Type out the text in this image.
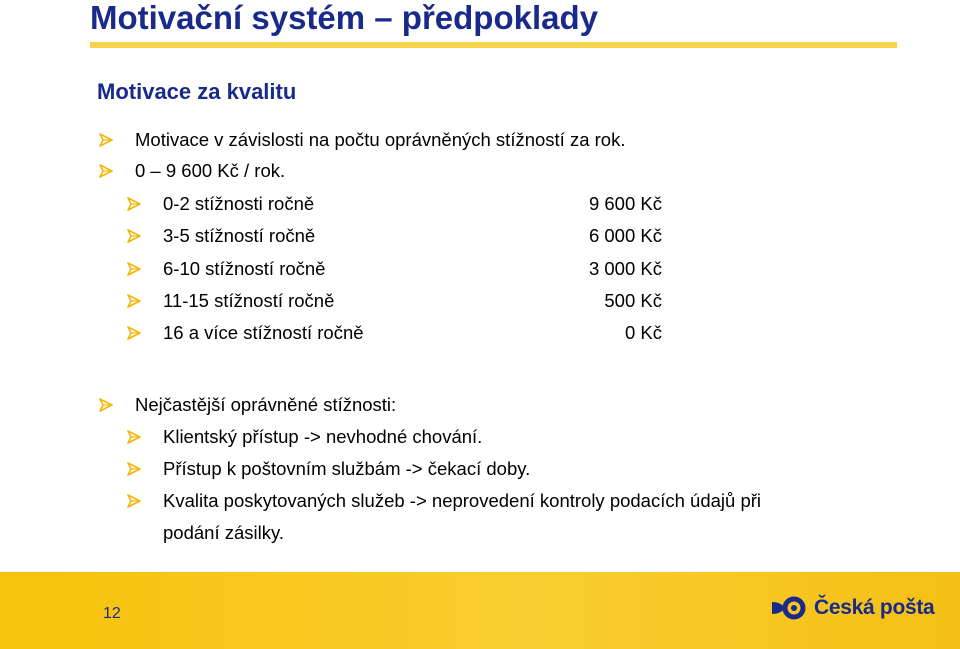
Motivační systém – předpoklady
Motivace za kvalitu
Motivace v závislosti na počtu oprávněných stížností za rok.
0 – 9 600 Kč / rok.
0-2 stížnosti ročně	9 600 Kč
3-5 stížností ročně	6 000 Kč
6-10 stížností ročně	3 000 Kč
11-15 stížností ročně	500 Kč
16 a více stížností ročně	0 Kč
Nejčastější oprávněné stížnosti:
Klientský přístup -> nevhodné chování.
Přístup k poštovním službám -> čekací doby.
Kvalita poskytovaných služeb -> neprovedení kontroly podacích údajů při
podání zásilky.
12	Česká pošta
